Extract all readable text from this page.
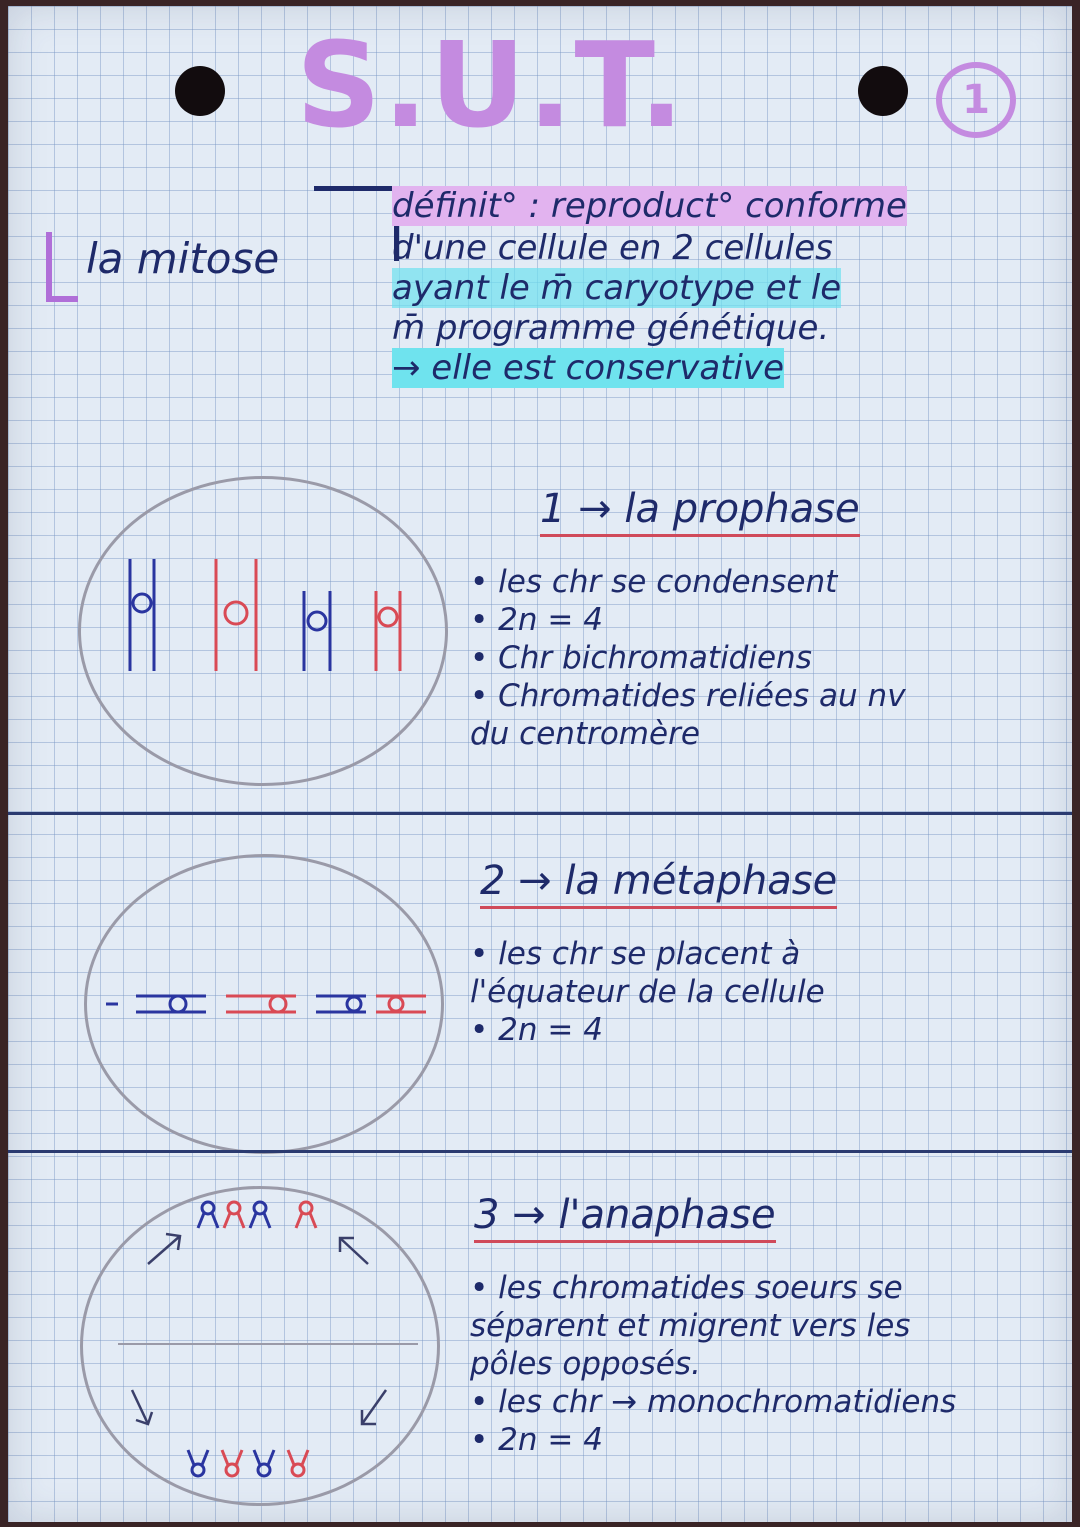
S.U.T.	1
la mitose
définit° : reproduct° conforme
d'une cellule en 2 cellules
ayant le m̄ caryotype et le
m̄ programme génétique.
→ elle est conservative
1 → la prophase
• les chr se condensent
• 2n = 4
• Chr bichromatidiens
• Chromatides reliées au nv
du centromère
2 → la métaphase
• les chr se placent à
l'équateur de la cellule
• 2n = 4
3 → l'anaphase
• les chromatides soeurs se
séparent et migrent vers les
pôles opposés.
• les chr → monochromatidiens
• 2n = 4
